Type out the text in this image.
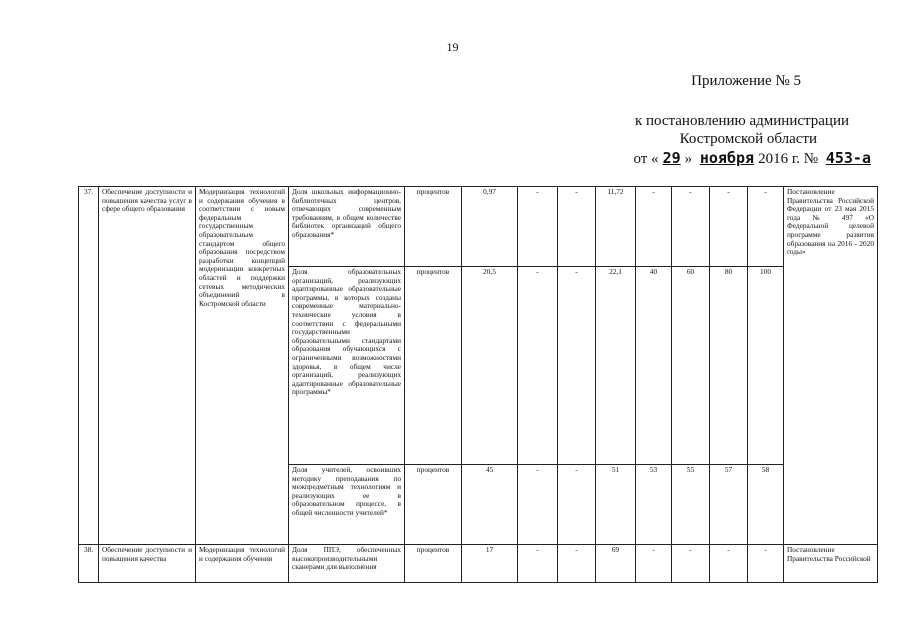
19
Приложение № 5
к постановлению администрации
Костромской области
от « 29 » ноября 2016 г. № 453-а
37.	Обеспечение доступности и повышения качества услуг в сфере общего образования	Модернизация технологий и содержания обучения в соответствии с новым федеральным государственным образовательным стандартом общего образования посредством разработки концепций модернизации конкретных областей и поддержки сетевых методических объединений в Костромской области	Доля школьных информационно-библиотечных центров, отвечающих современным требованиям, в общем количестве библиотек организаций общего образования*	процентов	0,97	-	-	11,72	-	-	-	-	Постановление Правительства Российской Федерации от 23 мая 2015 года № 497 «О Федеральной целевой программе развития образования на 2016 - 2020 годы»
			Доля образовательных организаций, реализующих адаптированные образовательные программы, в которых созданы современные материально-технические условия в соответствии с федеральными государственными образовательными стандартами образования обучающихся с ограниченными возможностями здоровья, в общем числе организаций, реализующих адаптированные образовательные программы*	процентов	20,5	-	-	22,1	40	60	80	100	
			Доля учителей, освоивших методику преподавания по межпредметным технологиям и реализующих ее в образовательном процессе, в общей численности учителей*	процентов	45	-	-	51	53	55	57	58	
38.	Обеспечение доступности и повышения качества	Модернизация технологий и содержания обучения	Доля ППЭ, обеспеченных высокопроизводительными сканерами для выполнения	процентов	17	-	-	69	-	-	-	-	Постановление Правительства Российской
